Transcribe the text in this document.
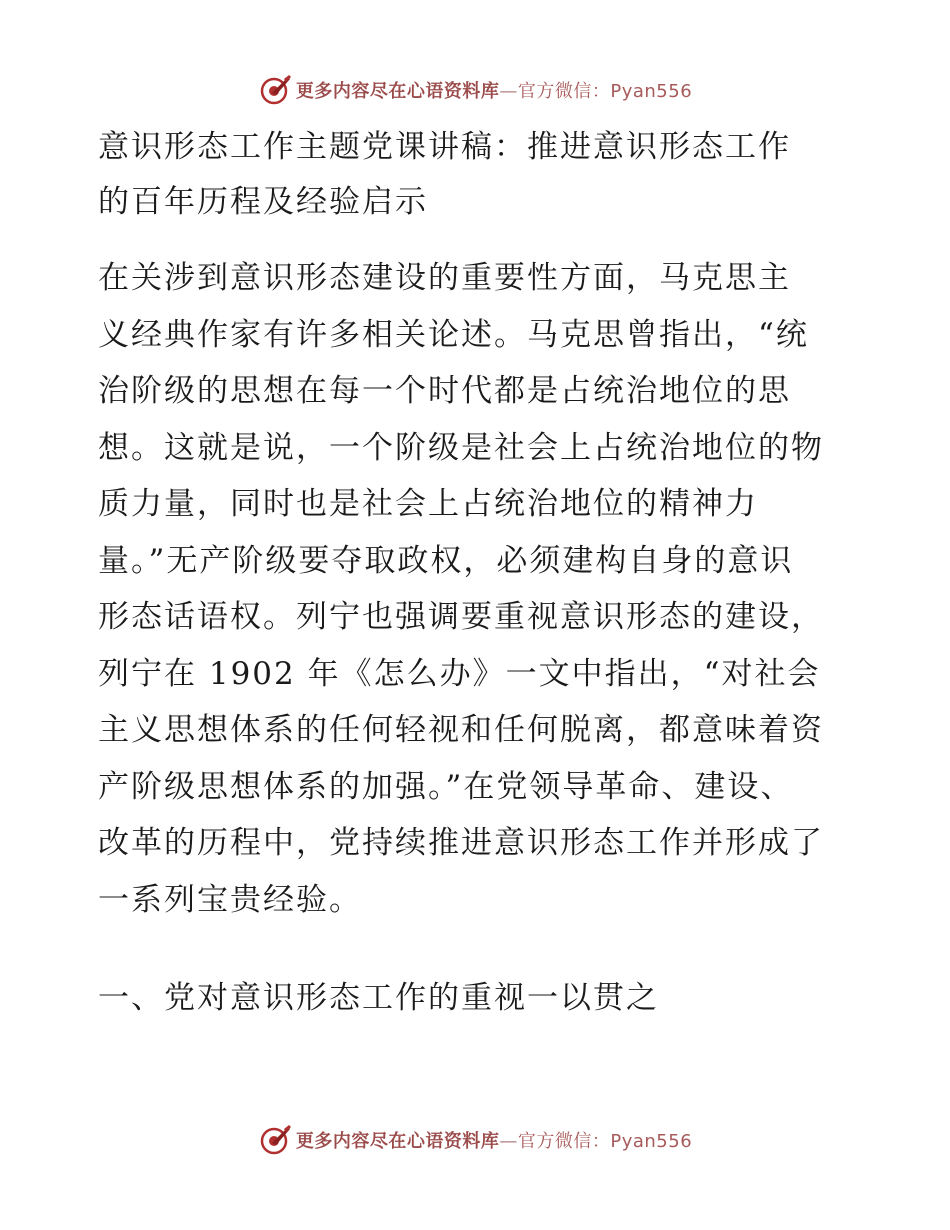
更多内容尽在心语资料库—官方微信：Pyan556
意识形态工作主题党课讲稿：推进意识形态工作
的百年历程及经验启示

在关涉到意识形态建设的重要性方面，马克思主
义经典作家有许多相关论述。马克思曾指出，“统
治阶级的思想在每一个时代都是占统治地位的思
想。这就是说，一个阶级是社会上占统治地位的物
质力量，同时也是社会上占统治地位的精神力
量。”无产阶级要夺取政权，必须建构自身的意识
形态话语权。列宁也强调要重视意识形态的建设，
列宁在 1902 年《怎么办》一文中指出，“对社会
主义思想体系的任何轻视和任何脱离，都意味着资
产阶级思想体系的加强。”在党领导革命、建设、
改革的历程中，党持续推进意识形态工作并形成了
一系列宝贵经验。

一、党对意识形态工作的重视一以贯之
更多内容尽在心语资料库—官方微信：Pyan556
